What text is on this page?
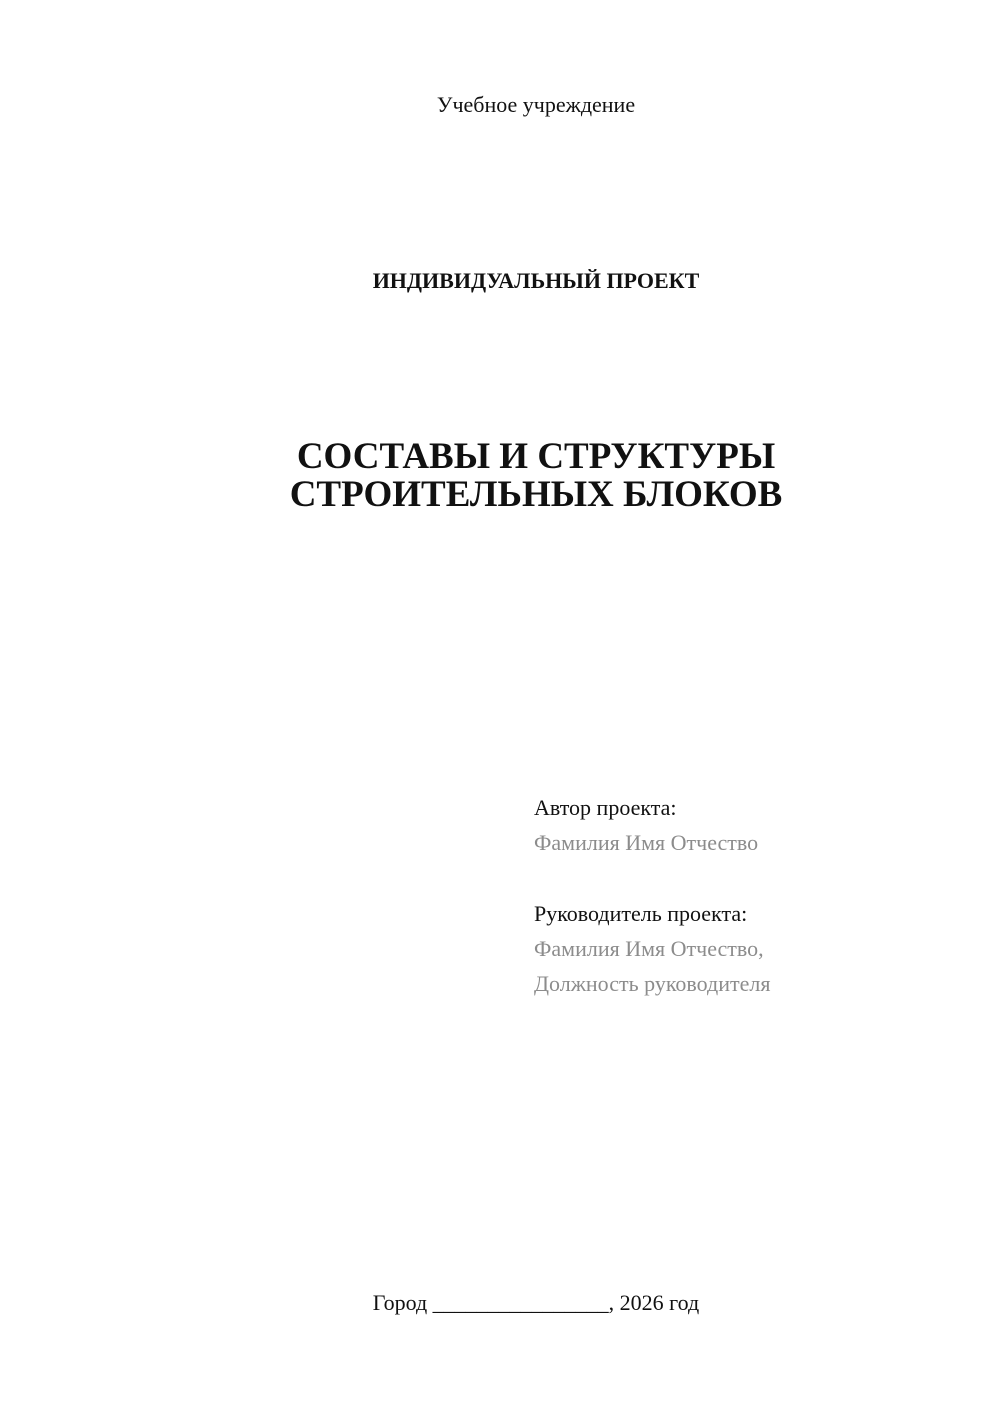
Учебное учреждение
ИНДИВИДУАЛЬНЫЙ ПРОЕКТ
СОСТАВЫ И СТРУКТУРЫ
СТРОИТЕЛЬНЫХ БЛОКОВ
Автор проекта:
Фамилия Имя Отчество
Руководитель проекта:
Фамилия Имя Отчество,
Должность руководителя
Город ________________, 2026 год
